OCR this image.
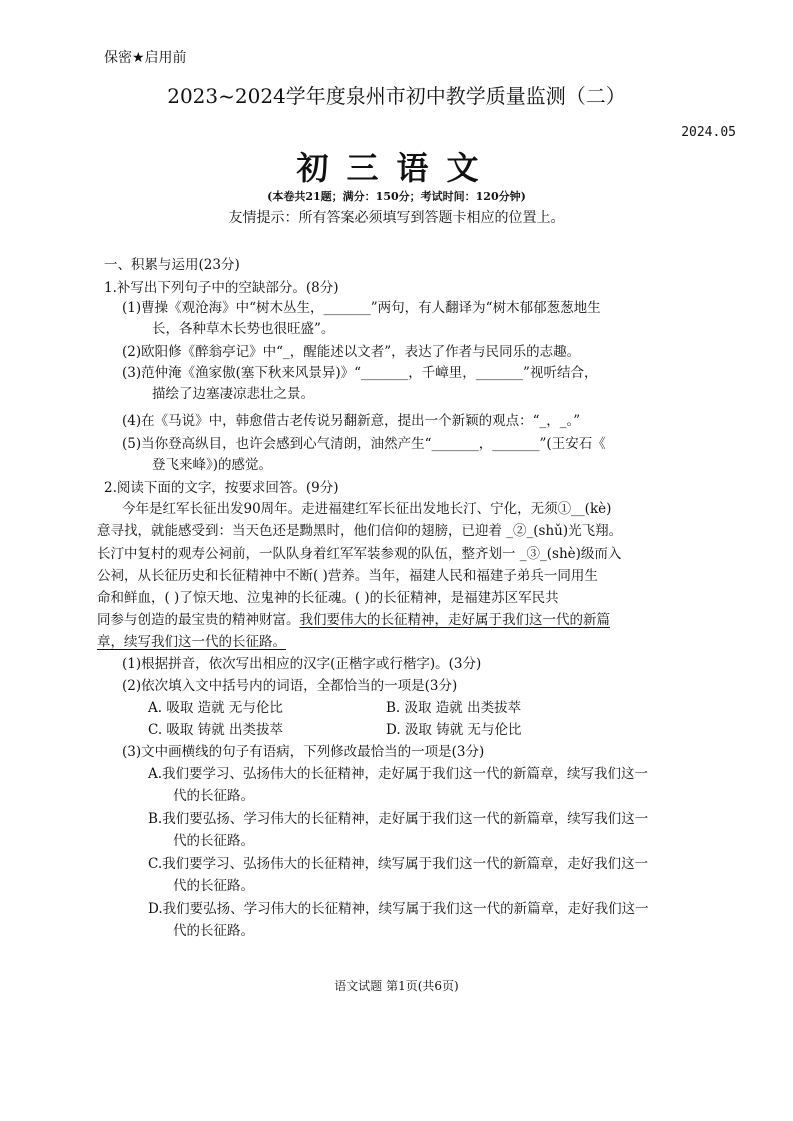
保密★启用前
2023~2024学年度泉州市初中教学质量监测（二）
2024.05
初三语文
(本卷共21题；满分：150分；考试时间：120分钟)
友情提示：所有答案必须填写到答题卡相应的位置上。
一、积累与运用(23分)
1.补写出下列句子中的空缺部分。(8分)
(1)曹操《观沧海》中“树木丛生，_______”两句，有人翻译为“树木郁郁葱葱地生
长，各种草木长势也很旺盛”。
(2)欧阳修《醉翁亭记》中“_，醒能述以文者”，表达了作者与民同乐的志趣。
(3)范仲淹《渔家傲(塞下秋来风景异)》“_______，千嶂里，_______”视听结合，
描绘了边塞凄凉悲壮之景。
(4)在《马说》中，韩愈借古老传说另翻新意，提出一个新颖的观点：“_，_。”
(5)当你登高纵目，也许会感到心气清朗，油然产生“_______，_______”(王安石《
登飞来峰》)的感觉。
2.阅读下面的文字，按要求回答。(9分)
今年是红军长征出发90周年。走进福建红军长征出发地长汀、宁化，无须①__(kè)
意寻找，就能感受到：当天色还是黝黑时，他们信仰的翅膀，已迎着 _②_(shǔ)光飞翔。
长汀中复村的观寿公祠前，一队队身着红军军装参观的队伍，整齐划一 _③_(shè)级而入
公祠，从长征历史和长征精神中不断( )营养。当年，福建人民和福建子弟兵一同用生
命和鲜血，( )了惊天地、泣鬼神的长征魂。( )的长征精神，是福建苏区军民共
同参与创造的最宝贵的精神财富。我们要伟大的长征精神，走好属于我们这一代的新篇
章，续写我们这一代的长征路。
(1)根据拼音，依次写出相应的汉字(正楷字或行楷字)。(3分)
(2)依次填入文中括号内的词语，全都恰当的一项是(3分)
A. 吸取 造就 无与伦比	B. 汲取 造就 出类拔萃
C. 吸取 铸就 出类拔萃	D. 汲取 铸就 无与伦比
(3)文中画横线的句子有语病，下列修改最恰当的一项是(3分)
A.我们要学习、弘扬伟大的长征精神，走好属于我们这一代的新篇章，续写我们这一
代的长征路。
B.我们要弘扬、学习伟大的长征精神，走好属于我们这一代的新篇章，续写我们这一
代的长征路。
C.我们要学习、弘扬伟大的长征精神，续写属于我们这一代的新篇章，走好我们这一
代的长征路。
D.我们要弘扬、学习伟大的长征精神，续写属于我们这一代的新篇章，走好我们这一
代的长征路。
语文试题 第1页(共6页)
